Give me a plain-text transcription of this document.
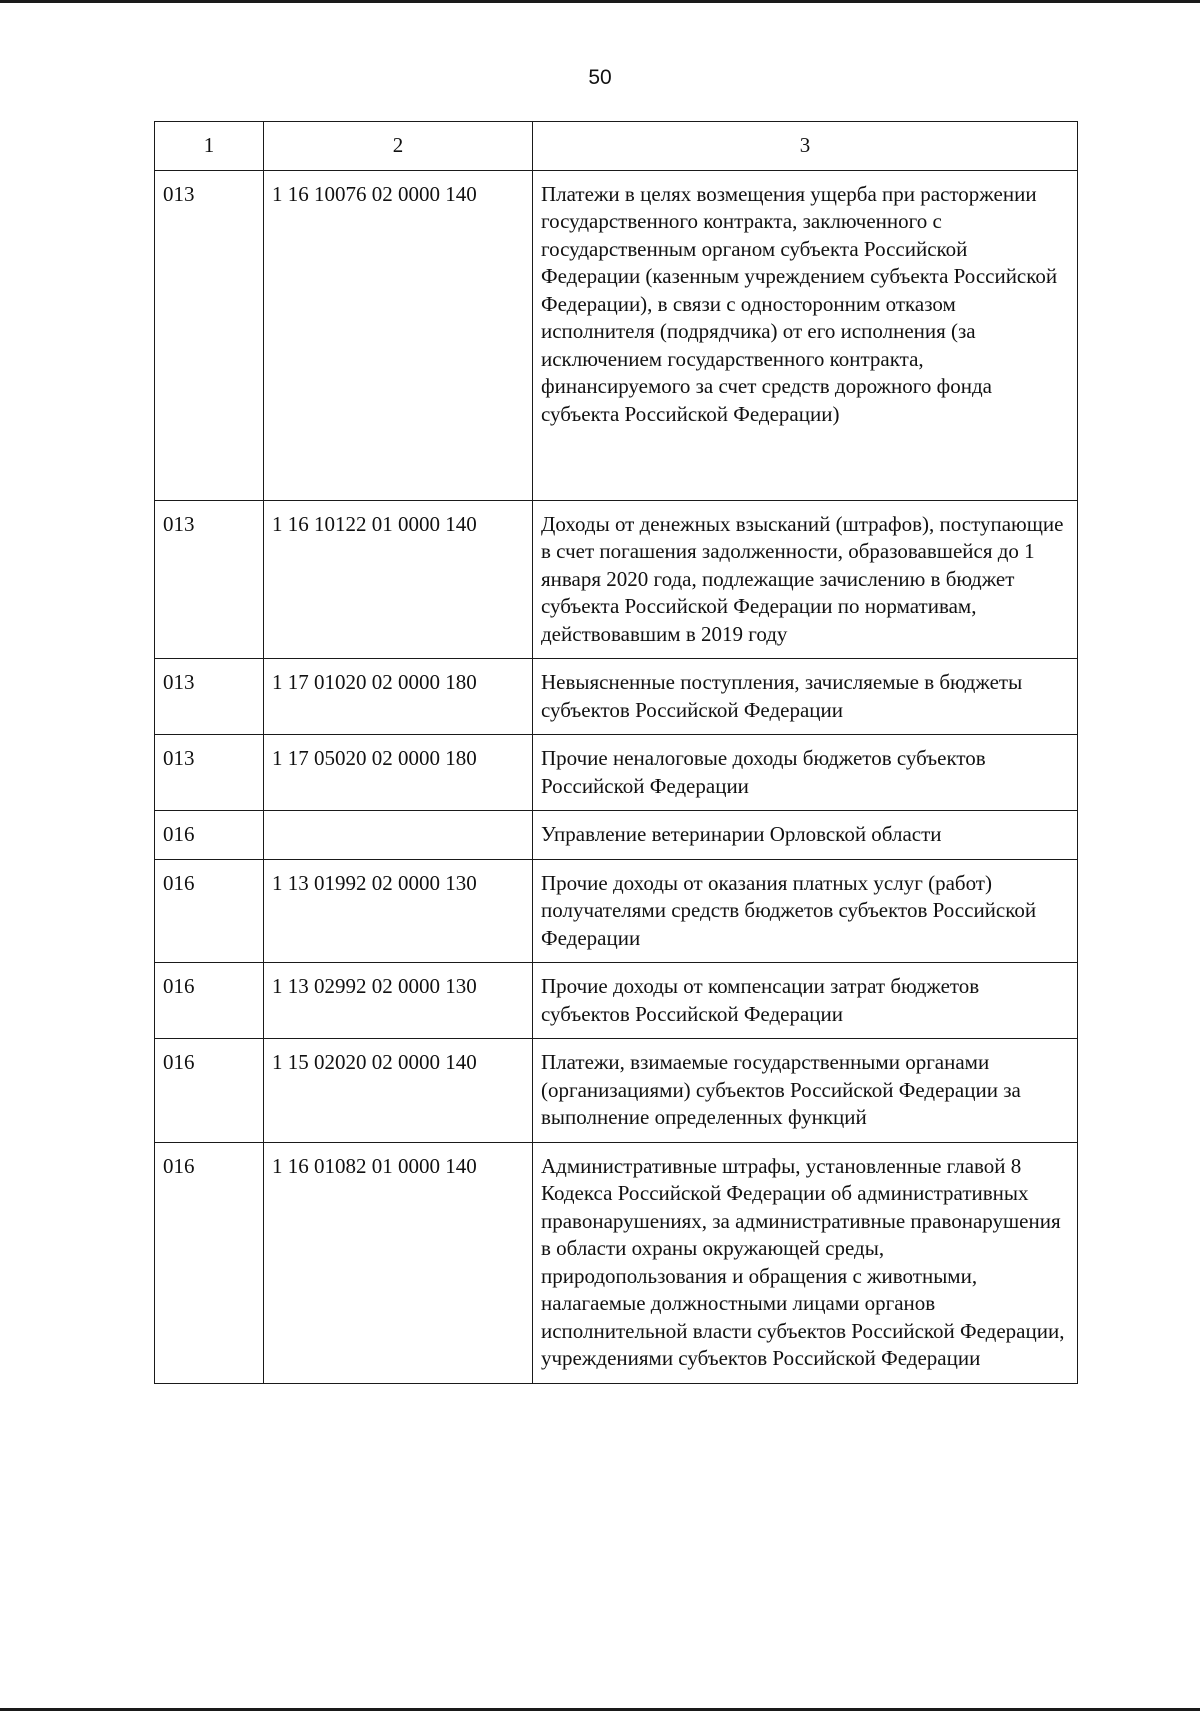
50
1	2	3
013	1 16 10076 02 0000 140	Платежи в целях возмещения ущерба при расторжении государственного контракта, заключенного с государственным органом субъекта Российской Федерации (казенным учреждением субъекта Российской Федерации), в связи с односторонним отказом исполнителя (подрядчика) от его исполнения (за исключением государственного контракта, финансируемого за счет средств дорожного фонда субъекта Российской Федерации)
013	1 16 10122 01 0000 140	Доходы от денежных взысканий (штрафов), поступающие в счет погашения задолженности, образовавшейся до 1 января 2020 года, подлежащие зачислению в бюджет субъекта Российской Федерации по нормативам, действовавшим в 2019 году
013	1 17 01020 02 0000 180	Невыясненные поступления, зачисляемые в бюджеты субъектов Российской Федерации
013	1 17 05020 02 0000 180	Прочие неналоговые доходы бюджетов субъектов Российской Федерации
016		Управление ветеринарии Орловской области
016	1 13 01992 02 0000 130	Прочие доходы от оказания платных услуг (работ) получателями средств бюджетов субъектов Российской Федерации
016	1 13 02992 02 0000 130	Прочие доходы от компенсации затрат бюджетов субъектов Российской Федерации
016	1 15 02020 02 0000 140	Платежи, взимаемые государственными органами (организациями) субъектов Российской Федерации за выполнение определенных функций
016	1 16 01082 01 0000 140	Административные штрафы, установленные главой 8 Кодекса Российской Федерации об административных правонарушениях, за административные правонарушения в области охраны окружающей среды, природопользования и обращения с животными, налагаемые должностными лицами органов исполнительной власти субъектов Российской Федерации, учреждениями субъектов Российской Федерации
